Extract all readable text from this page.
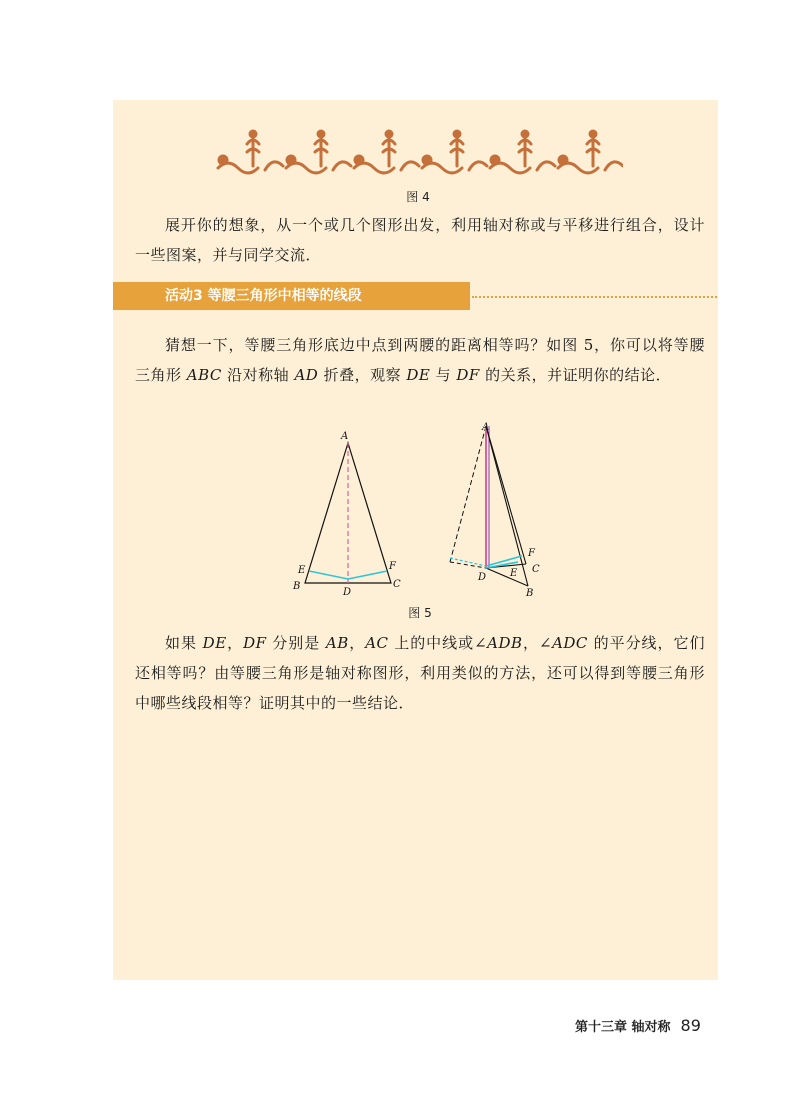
图 4

展开你的想象，从一个或几个图形出发，利用轴对称或与平移进行组合，设计一些图案，并与同学交流．

活动3 等腰三角形中相等的线段

猜想一下，等腰三角形底边中点到两腰的距离相等吗？如图 5，你可以将等腰三角形 ABC 沿对称轴 AD 折叠，观察 DE 与 DF 的关系，并证明你的结论．

A
B	C
D
E	F
A
B
C
D E
F
图 5

如果 DE，DF 分别是 AB，AC 上的中线或∠ADB，∠ADC 的平分线，它们还相等吗？由等腰三角形是轴对称图形，利用类似的方法，还可以得到等腰三角形中哪些线段相等？证明其中的一些结论．

第十三章 轴对称 89
